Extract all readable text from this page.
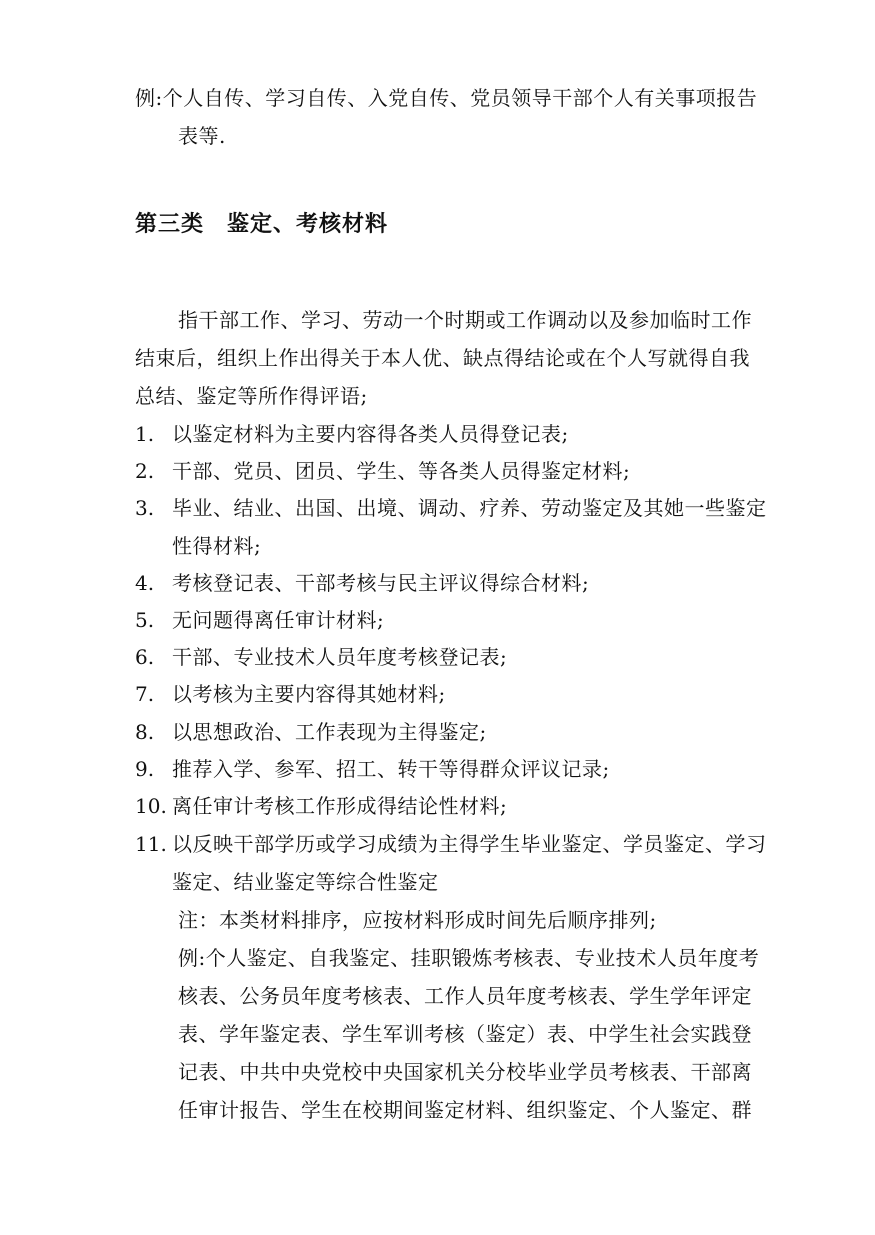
例:个人自传、学习自传、入党自传、党员领导干部个人有关事项报告
表等.
第三类　鉴定、考核材料
指干部工作、学习、劳动一个时期或工作调动以及参加临时工作
结束后，组织上作出得关于本人优、缺点得结论或在个人写就得自我
总结、鉴定等所作得评语;
1. 以鉴定材料为主要内容得各类人员得登记表;
2. 干部、党员、团员、学生、等各类人员得鉴定材料;
3. 毕业、结业、出国、出境、调动、疗养、劳动鉴定及其她一些鉴定
性得材料;
4. 考核登记表、干部考核与民主评议得综合材料;
5. 无问题得离任审计材料;
6. 干部、专业技术人员年度考核登记表;
7. 以考核为主要内容得其她材料;
8. 以思想政治、工作表现为主得鉴定;
9. 推荐入学、参军、招工、转干等得群众评议记录;
10. 离任审计考核工作形成得结论性材料;
11. 以反映干部学历或学习成绩为主得学生毕业鉴定、学员鉴定、学习
鉴定、结业鉴定等综合性鉴定
注：本类材料排序，应按材料形成时间先后顺序排列;
例:个人鉴定、自我鉴定、挂职锻炼考核表、专业技术人员年度考
核表、公务员年度考核表、工作人员年度考核表、学生学年评定
表、学年鉴定表、学生军训考核（鉴定）表、中学生社会实践登
记表、中共中央党校中央国家机关分校毕业学员考核表、干部离
任审计报告、学生在校期间鉴定材料、组织鉴定、个人鉴定、群
